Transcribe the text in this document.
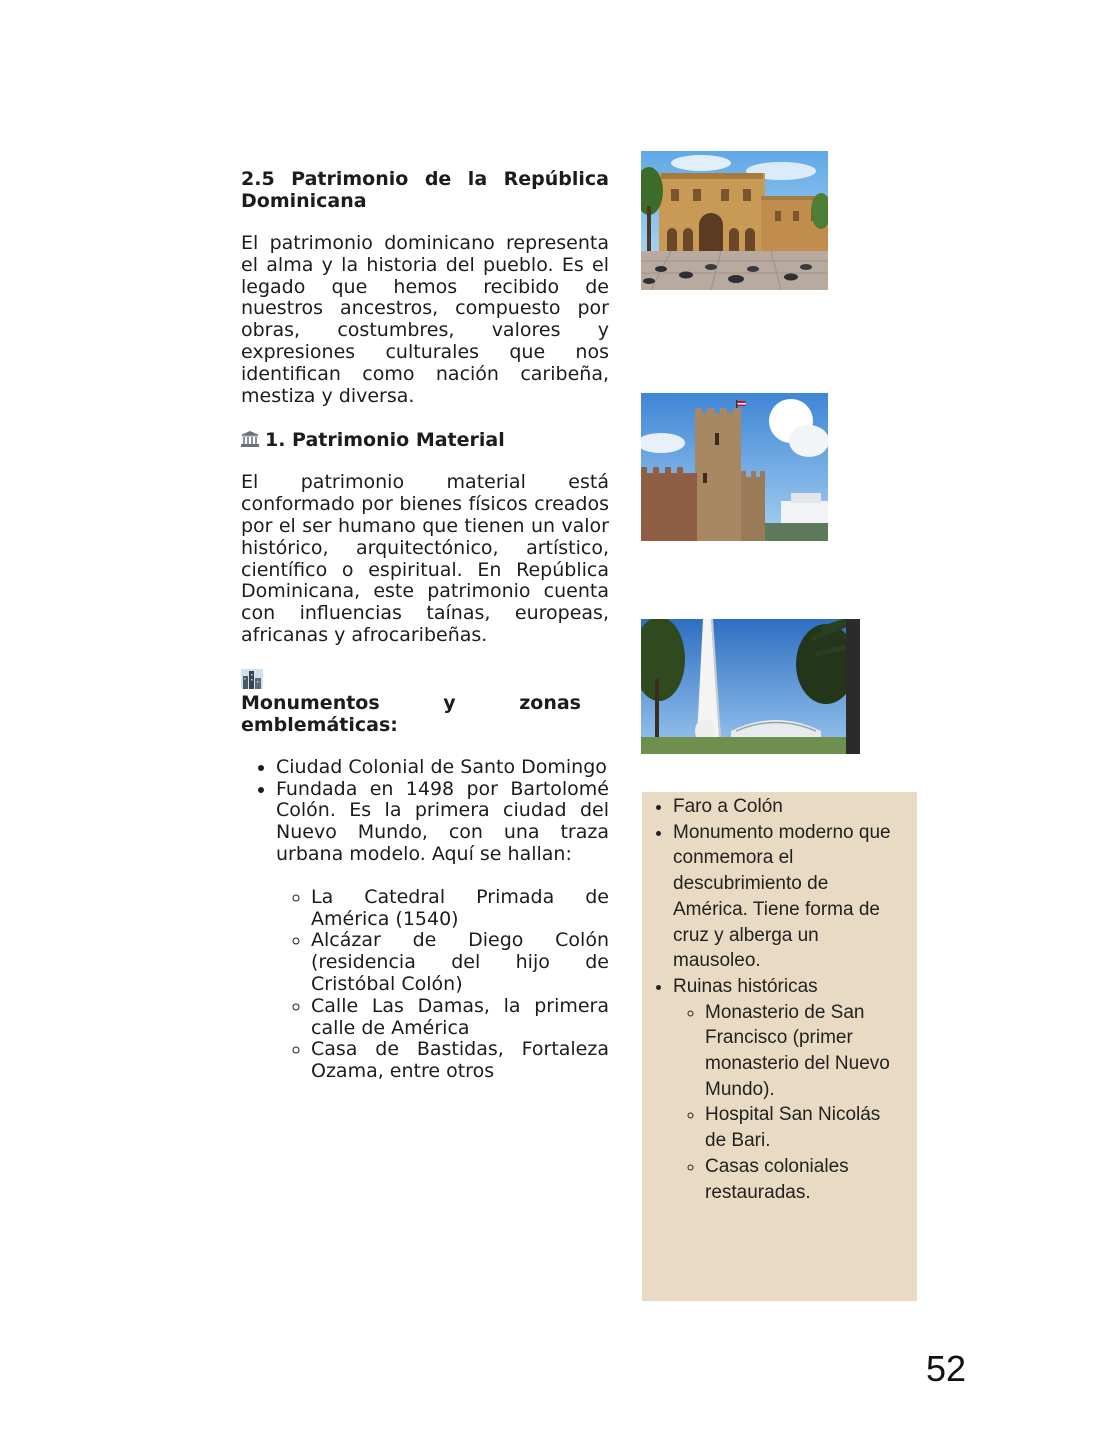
2.5 Patrimonio de la República Dominicana

El patrimonio dominicano representa el alma y la historia del pueblo. Es el legado que hemos recibido de nuestros ancestros, compuesto por obras, costumbres, valores y expresiones culturales que nos identifican como nación caribeña, mestiza y diversa.

1. Patrimonio Material

El patrimonio material está conformado por bienes físicos creados por el ser humano que tienen un valor histórico, arquitectónico, artístico, científico o espiritual. En República Dominicana, este patrimonio cuenta con influencias taínas, europeas, africanas y afrocaribeñas.

Monumentos y zonas emblemáticas:
• Ciudad Colonial de Santo Domingo
• Fundada en 1498 por Bartolomé Colón. Es la primera ciudad del Nuevo Mundo, con una traza urbana modelo. Aquí se hallan:
◦ La Catedral Primada de América (1540)
◦ Alcázar de Diego Colón (residencia del hijo de Cristóbal Colón)
◦ Calle Las Damas, la primera calle de América
◦ Casa de Bastidas, Fortaleza Ozama, entre otros
• Faro a Colón
• Monumento moderno que conmemora el descubrimiento de América. Tiene forma de cruz y alberga un mausoleo.
• Ruinas históricas
◦ Monasterio de San Francisco (primer monasterio del Nuevo Mundo).
◦ Hospital San Nicolás de Bari.
◦ Casas coloniales restauradas.
52
